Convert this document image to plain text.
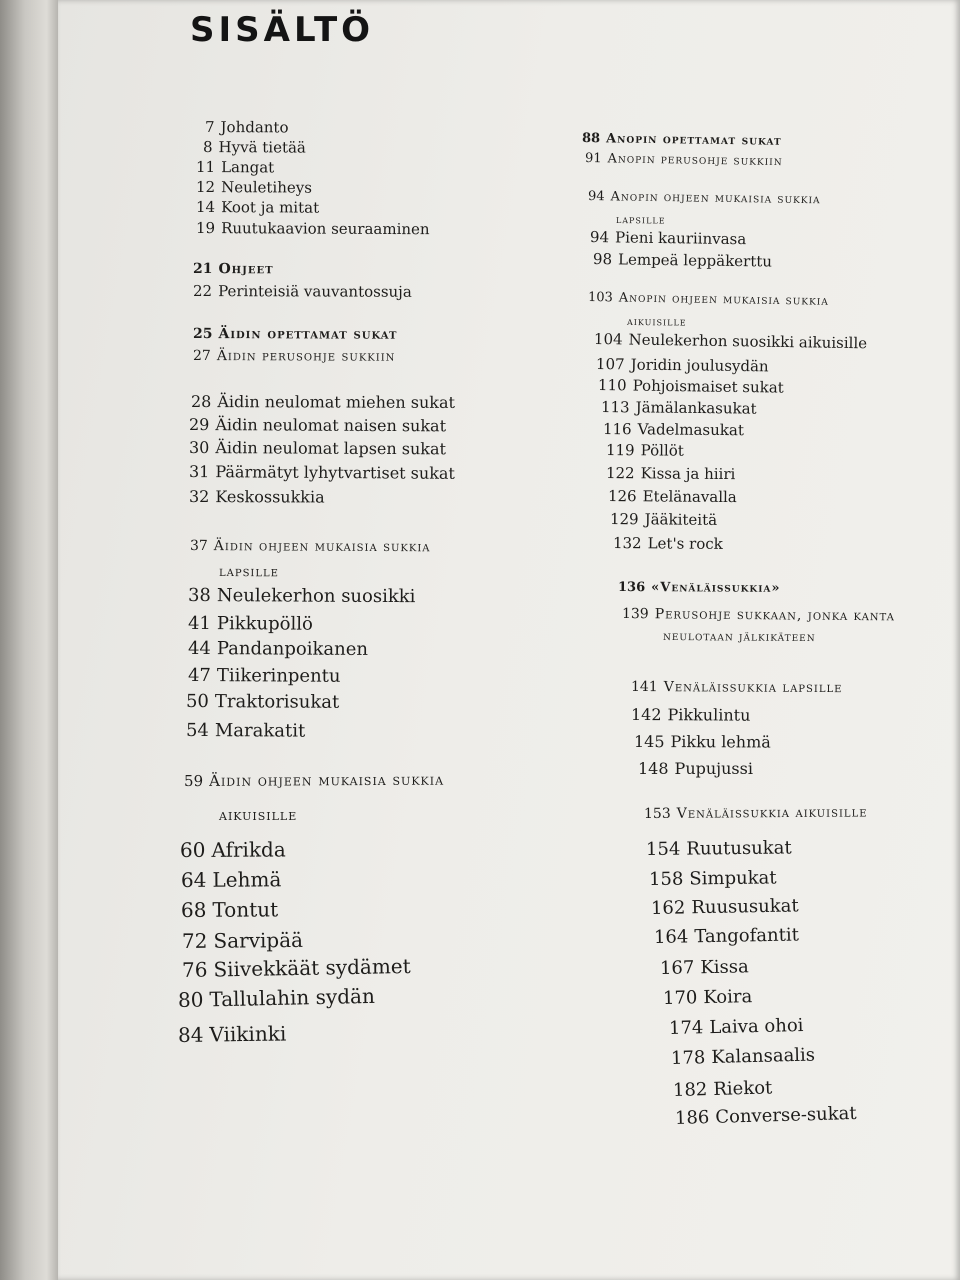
SISÄLTÖ
7 Johdanto
8 Hyvä tietää
11 Langat
12 Neuletiheys
14 Koot ja mitat
19 Ruutukaavion seuraaminen
21 Ohjeet
22 Perinteisiä vauvantossuja
25 Äidin opettamat sukat
27 Äidin perusohje sukkiin
28 Äidin neulomat miehen sukat
29 Äidin neulomat naisen sukat
30 Äidin neulomat lapsen sukat
31 Päärmätyt lyhytvartiset sukat
32 Keskossukkia
37 Äidin ohjeen mukaisia sukkia
lapsille
38 Neulekerhon suosikki
41 Pikkupöllö
44 Pandanpoikanen
47 Tiikerinpentu
50 Traktorisukat
54 Marakatit
59 Äidin ohjeen mukaisia sukkia
aikuisille
60 Afrikda
64 Lehmä
68 Tontut
72 Sarvipää
76 Siivekkäät sydämet
80 Tallulahin sydän
84 Viikinki
88 Anopin opettamat sukat
91 Anopin perusohje sukkiin
94 Anopin ohjeen mukaisia sukkia
lapsille
94 Pieni kauriinvasa
98 Lempeä leppäkerttu
103 Anopin ohjeen mukaisia sukkia
aikuisille
104 Neulekerhon suosikki aikuisille
107 Joridin joulusydän
110 Pohjoismaiset sukat
113 Jämälankasukat
116 Vadelmasukat
119 Pöllöt
122 Kissa ja hiiri
126 Etelänavalla
129 Jääkiteitä
132 Let's rock
136 «Venäläissukkia»
139 Perusohje sukkaan, jonka kanta
neulotaan jälkikäteen
141 Venäläissukkia lapsille
142 Pikkulintu
145 Pikku lehmä
148 Pupujussi
153 Venäläissukkia aikuisille
154 Ruutusukat
158 Simpukat
162 Ruususukat
164 Tangofantit
167 Kissa
170 Koira
174 Laiva ohoi
178 Kalansaalis
182 Riekot
186 Converse-sukat
